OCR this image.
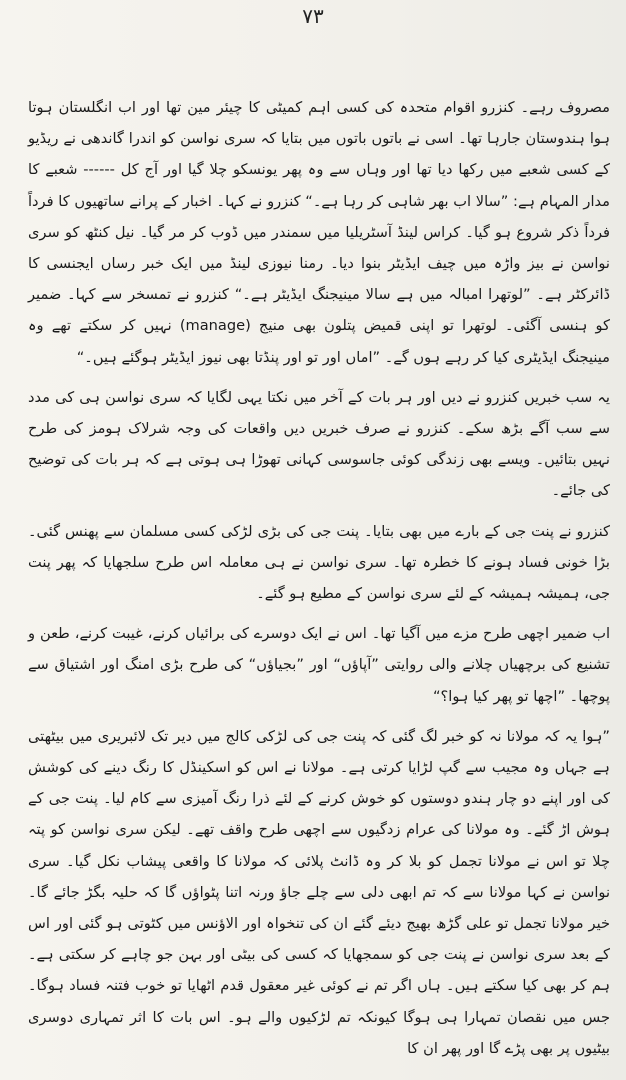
۷۳

مصروف رہے۔ کنزرو اقوام متحدہ کی کسی اہم کمیٹی کا چیئر مین تھا اور اب انگلستان ہوتا ہوا ہندوستان جارہا تھا۔ اسی نے باتوں باتوں میں بتایا کہ سری نواسن کو اندرا گاندھی نے ریڈیو کے کسی شعبے میں رکھا دیا تھا اور وہاں سے وہ پھر یونسکو چلا گیا اور آج کل ------ شعبے کا مدار المہام ہے: ”سالا اب بھر شاہی کر رہا ہے۔“ کنزرو نے کہا۔ اخبار کے پرانے ساتھیوں کا فرداً فرداً ذکر شروع ہو گیا۔ کراس لینڈ آسٹریلیا میں سمندر میں ڈوب کر مر گیا۔ نیل کنٹھ کو سری نواسن نے بیز واڑہ میں چیف ایڈیٹر بنوا دیا۔ رمنا نیوزی لینڈ میں ایک خبر رساں ایجنسی کا ڈائرکٹر ہے۔ ”لوتھرا امبالہ میں ہے سالا مینیجنگ ایڈیٹر ہے۔“ کنزرو نے تمسخر سے کہا۔ ضمیر کو ہنسی آگئی۔ لوتھرا تو اپنی قمیض پتلون بھی منیج (manage) نہیں کر سکتے تھے وہ مینیجنگ ایڈیٹری کیا کر رہے ہوں گے۔ ”اماں اور تو اور پنڈتا بھی نیوز ایڈیٹر ہوگئے ہیں۔“

یہ سب خبریں کنزرو نے دیں اور ہر بات کے آخر میں نکتا یہی لگایا کہ سری نواسن ہی کی مدد سے سب آگے بڑھ سکے۔ کنزرو نے صرف خبریں دیں واقعات کی وجہ شرلاک ہومز کی طرح نہیں بتائیں۔ ویسے بھی زندگی کوئی جاسوسی کہانی تھوڑا ہی ہوتی ہے کہ ہر بات کی توضیح کی جائے۔

کنزرو نے پنت جی کے بارے میں بھی بتایا۔ پنت جی کی بڑی لڑکی کسی مسلمان سے پھنس گئی۔ بڑا خونی فساد ہونے کا خطرہ تھا۔ سری نواسن نے ہی معاملہ اس طرح سلجھایا کہ پھر پنت جی، ہمیشہ ہمیشہ کے لئے سری نواسن کے مطیع ہو گئے۔

اب ضمیر اچھی طرح مزے میں آگیا تھا۔ اس نے ایک دوسرے کی برائیاں کرنے، غیبت کرنے، طعن و تشنیع کی برچھیاں چلانے والی روایتی ”آپاؤں“ اور ”بجیاؤں“ کی طرح بڑی امنگ اور اشتیاق سے پوچھا۔ ”اچھا تو پھر کیا ہوا؟“

”ہوا یہ کہ مولانا نہ کو خبر لگ گئی کہ پنت جی کی لڑکی کالج میں دیر تک لائبریری میں بیٹھتی ہے جہاں وہ مجیب سے گپ لڑایا کرتی ہے۔ مولانا نے اس کو اسکینڈل کا رنگ دینے کی کوشش کی اور اپنے دو چار ہندو دوستوں کو خوش کرنے کے لئے ذرا رنگ آمیزی سے کام لیا۔ پنت جی کے ہوش اڑ گئے۔ وہ مولانا کی عرام زدگیوں سے اچھی طرح واقف تھے۔ لیکن سری نواسن کو پتہ چلا تو اس نے مولانا تجمل کو بلا کر وہ ڈانٹ پلائی کہ مولانا کا واقعی پیشاب نکل گیا۔ سری نواسن نے کہا مولانا سے کہ تم ابھی دلی سے چلے جاؤ ورنہ اتنا پٹواؤں گا کہ حلیہ بگڑ جائے گا۔ خیر مولانا تجمل تو علی گڑھ بھیج دیئے گئے ان کی تنخواہ اور الاؤنس میں کٹوتی ہو گئی اور اس کے بعد سری نواسن نے پنت جی کو سمجھایا کہ کسی کی بیٹی اور بہن جو چاہے کر سکتی ہے۔ ہم کر بھی کیا سکتے ہیں۔ ہاں اگر تم نے کوئی غیر معقول قدم اٹھایا تو خوب فتنہ فساد ہوگا۔ جس میں نقصان تمہارا ہی ہوگا کیونکہ تم لڑکیوں والے ہو۔ اس بات کا اثر تمہاری دوسری بیٹیوں پر بھی پڑے گا اور پھر ان کا
